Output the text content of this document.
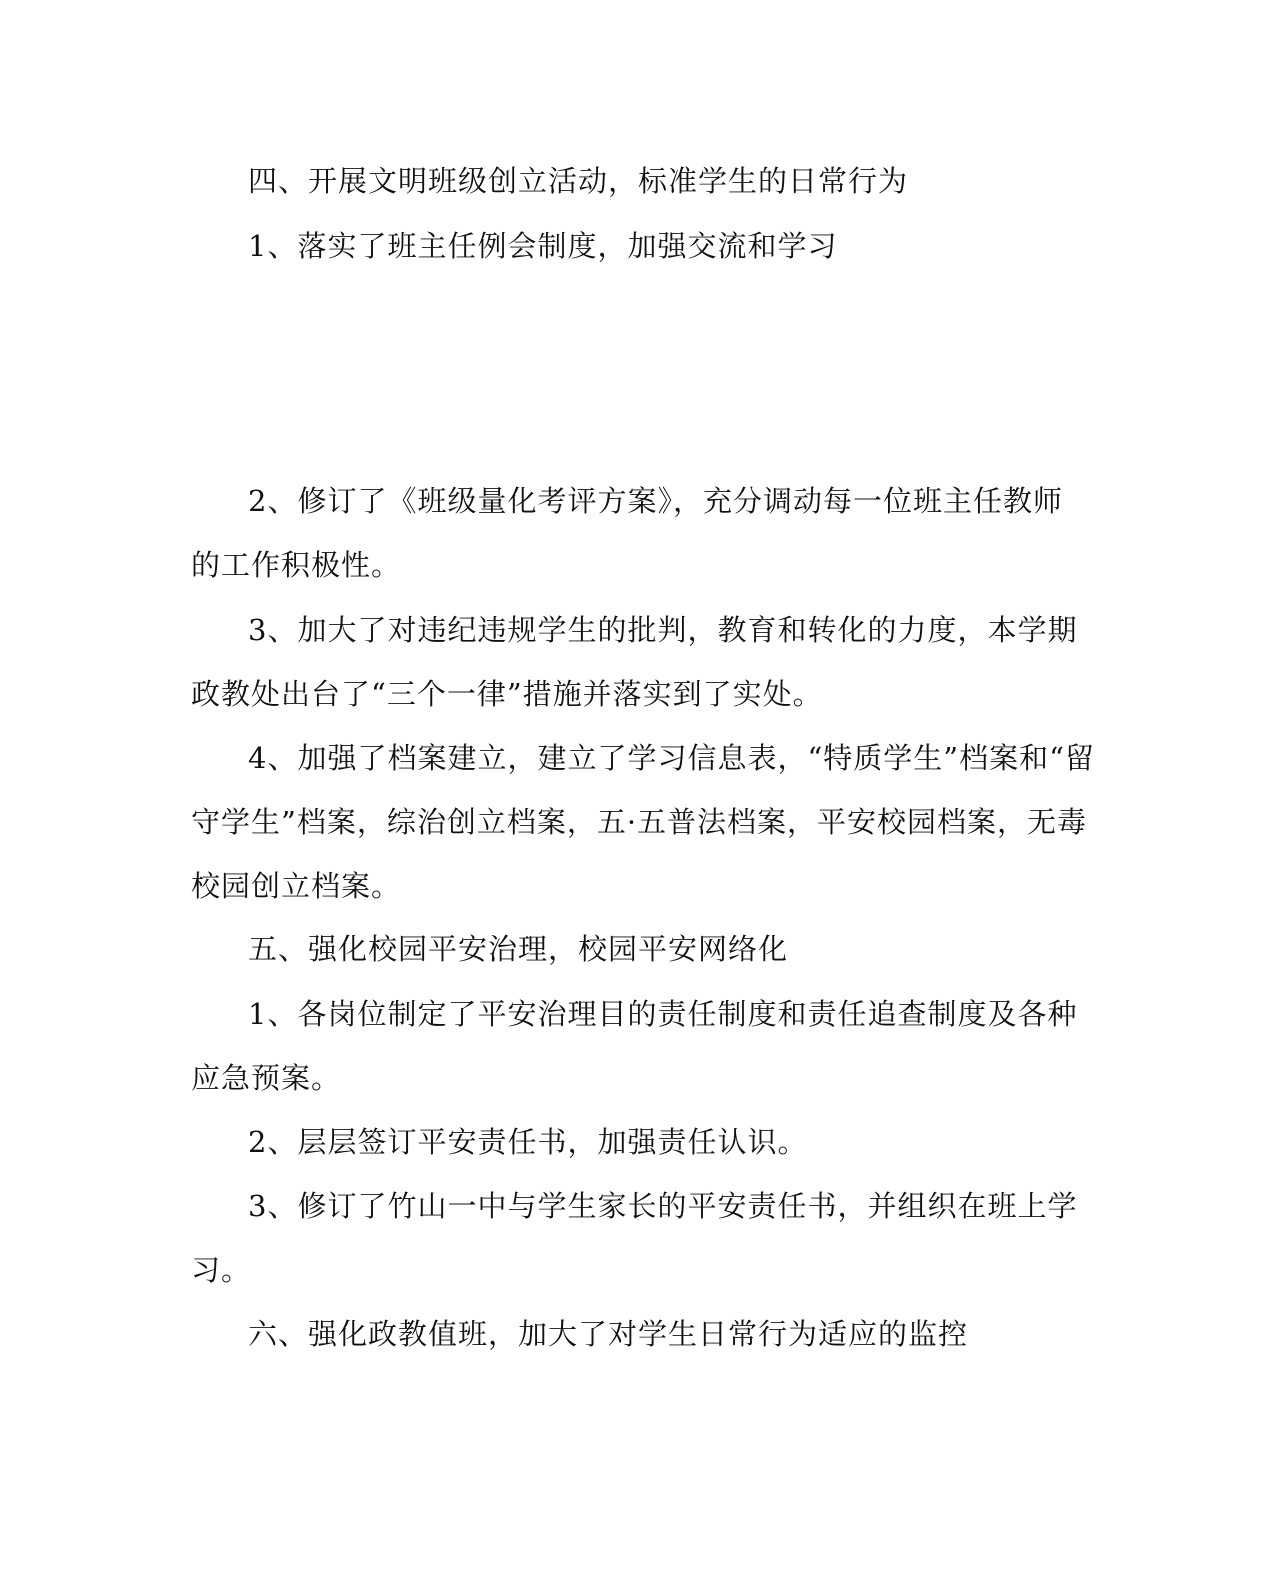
四、开展文明班级创立活动，标准学生的日常行为

1、落实了班主任例会制度，加强交流和学习

2、修订了《班级量化考评方案》，充分调动每一位班主任教师

的工作积极性。

3、加大了对违纪违规学生的批判，教育和转化的力度，本学期

政教处出台了“三个一律”措施并落实到了实处。

4、加强了档案建立，建立了学习信息表，“特质学生”档案和“留

守学生”档案，综治创立档案，五·五普法档案，平安校园档案，无毒

校园创立档案。

五、强化校园平安治理，校园平安网络化

1、各岗位制定了平安治理目的责任制度和责任追查制度及各种

应急预案。

2、层层签订平安责任书，加强责任认识。

3、修订了竹山一中与学生家长的平安责任书，并组织在班上学

习。

六、强化政教值班，加大了对学生日常行为适应的监控
